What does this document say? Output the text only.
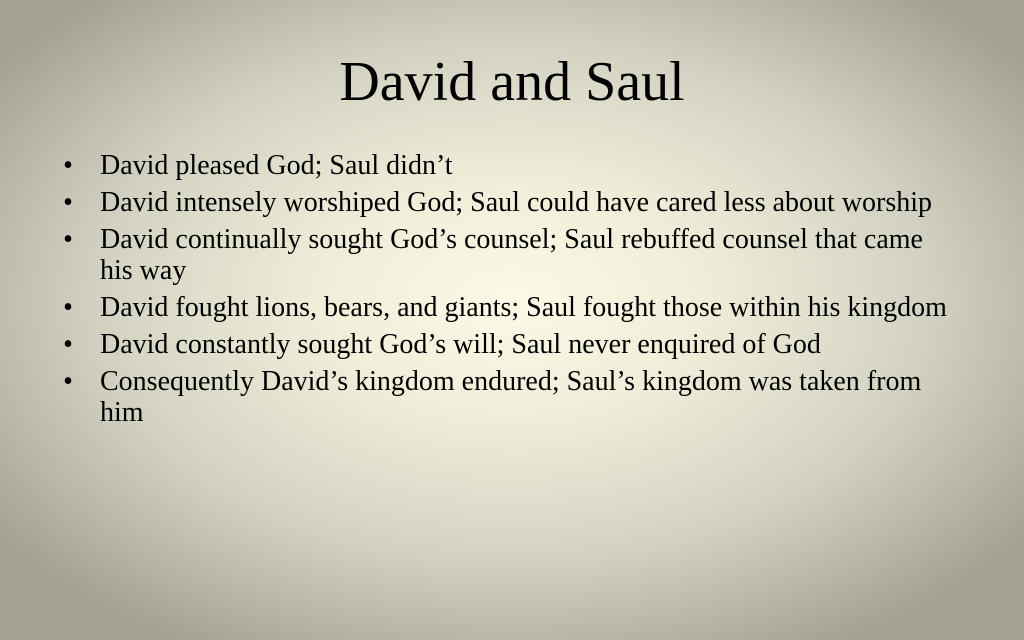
David and Saul
• David pleased God; Saul didn’t
• David intensely worshiped God; Saul could have cared less about worship
• David continually sought God’s counsel; Saul rebuffed counsel that came his way
• David fought lions, bears, and giants; Saul fought those within his kingdom
• David constantly sought God’s will; Saul never enquired of God
• Consequently David’s kingdom endured; Saul’s kingdom was taken from him
